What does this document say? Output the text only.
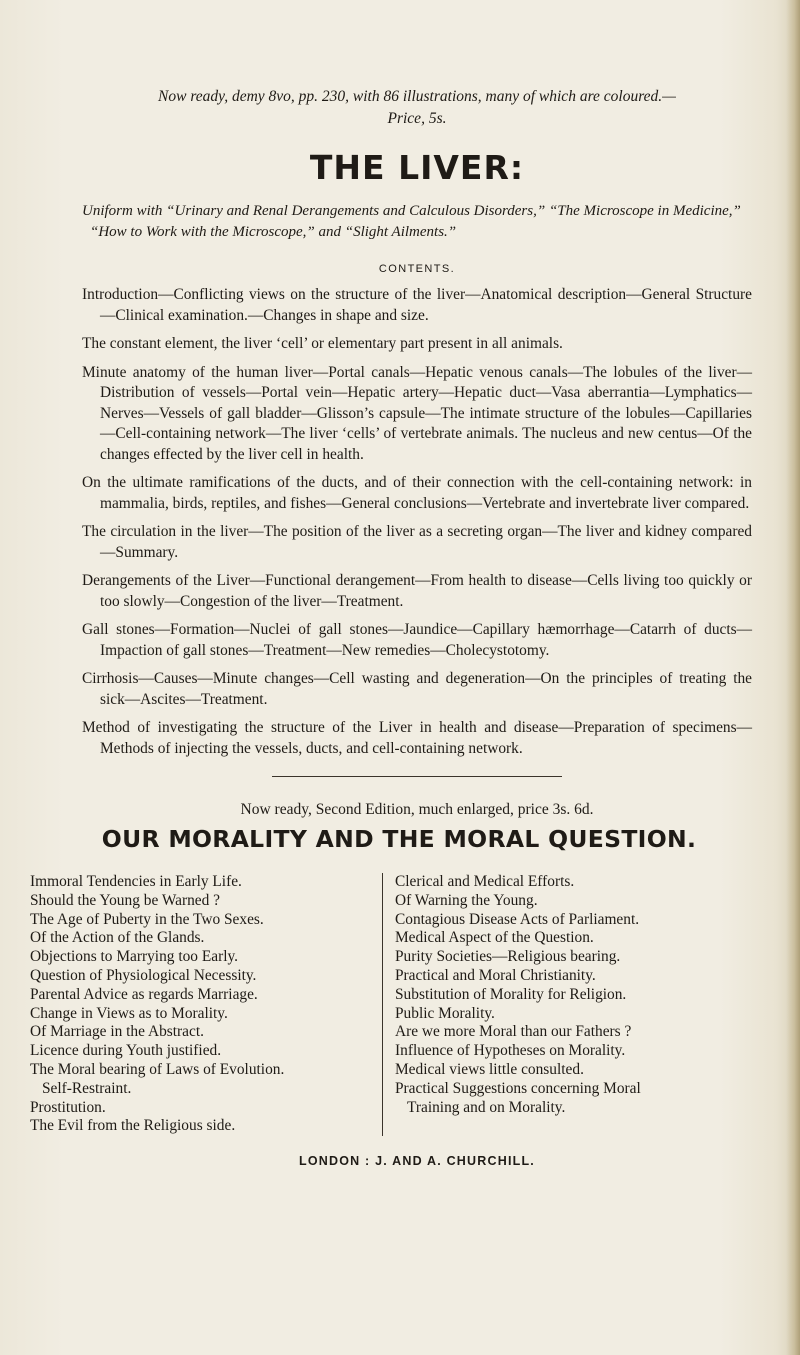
Now ready, demy 8vo, pp. 230, with 86 illustrations, many of which are coloured.—
Price, 5s.

THE LIVER:

Uniform with “Urinary and Renal Derangements and Calculous Disorders,” “The Microscope in Medicine,” “How to Work with the Microscope,” and “Slight Ailments.”

CONTENTS.

Introduction—Conflicting views on the structure of the liver—Anatomical description—General Structure—Clinical examination.—Changes in shape and size.

The constant element, the liver ‘cell’ or elementary part present in all animals.

Minute anatomy of the human liver—Portal canals—Hepatic venous canals—The lobules of the liver—Distribution of vessels—Portal vein—Hepatic artery—Hepatic duct—Vasa aberrantia—Lymphatics—Nerves—Vessels of gall bladder—Glisson’s capsule—The intimate structure of the lobules—Capillaries—Cell-containing network—The liver ‘cells’ of vertebrate animals. The nucleus and new centus—Of the changes effected by the liver cell in health.

On the ultimate ramifications of the ducts, and of their connection with the cell-containing network: in mammalia, birds, reptiles, and fishes—General conclusions—Vertebrate and invertebrate liver compared.

The circulation in the liver—The position of the liver as a secreting organ—The liver and kidney compared—Summary.

Derangements of the Liver—Functional derangement—From health to disease—Cells living too quickly or too slowly—Congestion of the liver—Treatment.

Gall stones—Formation—Nuclei of gall stones—Jaundice—Capillary hæmorrhage—Catarrh of ducts—Impaction of gall stones—Treatment—New remedies—Cholecystotomy.

Cirrhosis—Causes—Minute changes—Cell wasting and degeneration—On the principles of treating the sick—Ascites—Treatment.

Method of investigating the structure of the Liver in health and disease—Preparation of specimens—Methods of injecting the vessels, ducts, and cell-containing network.

Now ready, Second Edition, much enlarged, price 3s. 6d.
OUR MORALITY AND THE MORAL QUESTION.
Immoral Tendencies in Early Life.
Should the Young be Warned ?
The Age of Puberty in the Two Sexes.
Of the Action of the Glands.
Objections to Marrying too Early.
Question of Physiological Necessity.
Parental Advice as regards Marriage.
Change in Views as to Morality.
Of Marriage in the Abstract.
Licence during Youth justified.
The Moral bearing of Laws of Evolution.
Self-Restraint.
Prostitution.
The Evil from the Religious side.
Clerical and Medical Efforts.
Of Warning the Young.
Contagious Disease Acts of Parliament.
Medical Aspect of the Question.
Purity Societies—Religious bearing.
Practical and Moral Christianity.
Substitution of Morality for Religion.
Public Morality.
Are we more Moral than our Fathers ?
Influence of Hypotheses on Morality.
Medical views little consulted.
Practical Suggestions concerning Moral
Training and on Morality.
LONDON : J. AND A. CHURCHILL.
